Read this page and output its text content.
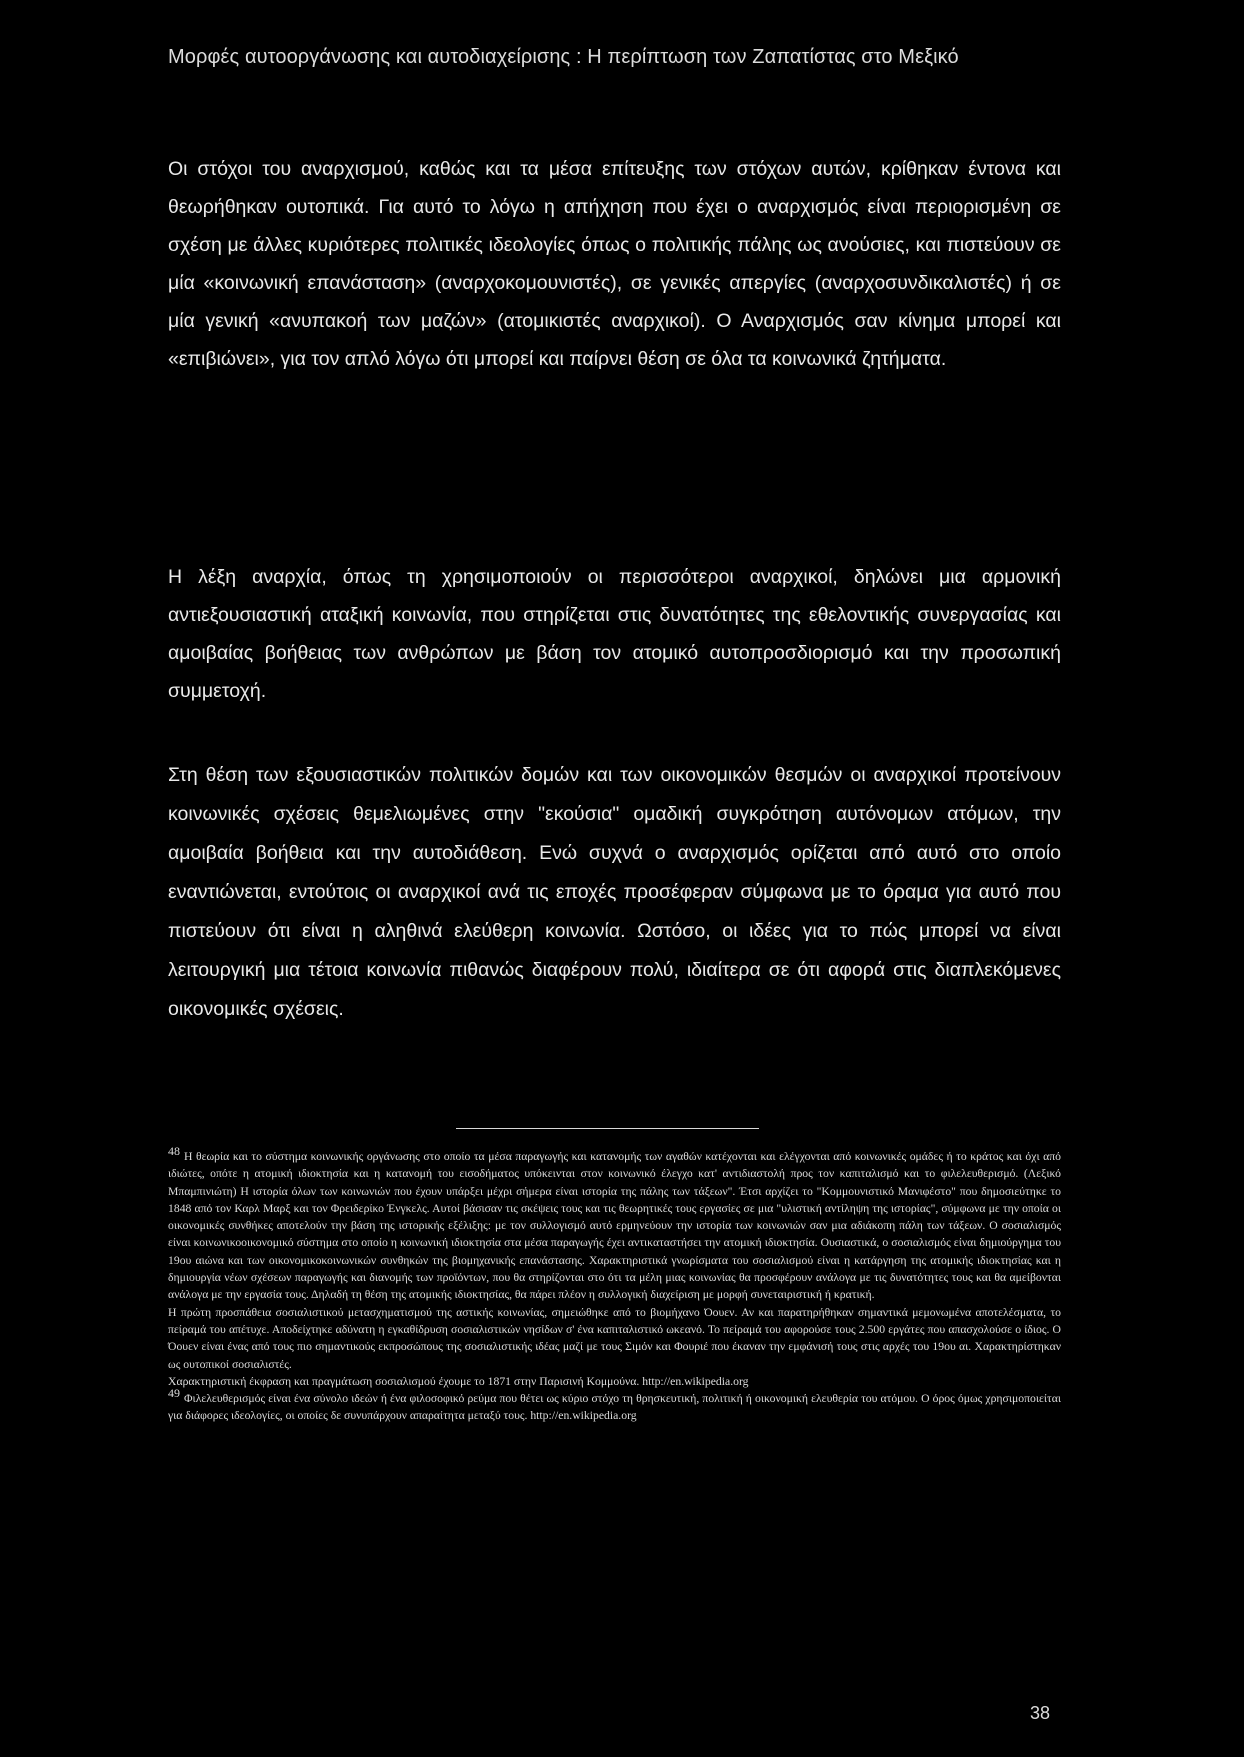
Μορφές αυτοοργάνωσης και αυτοδιαχείρισης : Η περίπτωση των Ζαπατίστας στο Μεξικό

Οι στόχοι του αναρχισμού, καθώς και τα μέσα επίτευξης των στόχων αυτών, κρίθηκαν έντονα και θεωρήθηκαν ουτοπικά. Για αυτό το λόγω η απήχηση που έχει ο αναρχισμός είναι περιορισμένη σε σχέση με άλλες κυριότερες πολιτικές ιδεολογίες όπως ο πολιτικής πάλης ως ανούσιες, και πιστεύουν σε μία «κοινωνική επανάσταση» (αναρχοκομουνιστές), σε γενικές απεργίες (αναρχοσυνδικαλιστές) ή σε μία γενική «ανυπακοή των μαζών» (ατομικιστές αναρχικοί). Ο Αναρχισμός σαν κίνημα μπορεί και «επιβιώνει», για τον απλό λόγω ότι μπορεί και παίρνει θέση σε όλα τα κοινωνικά ζητήματα.

Η λέξη αναρχία, όπως τη χρησιμοποιούν οι περισσότεροι αναρχικοί, δηλώνει μια αρμονική αντιεξουσιαστική αταξική κοινωνία, που στηρίζεται στις δυνατότητες της εθελοντικής συνεργασίας και αμοιβαίας βοήθειας των ανθρώπων με βάση τον ατομικό αυτοπροσδιορισμό και την προσωπική συμμετοχή.

Στη θέση των εξουσιαστικών πολιτικών δομών και των οικονομικών θεσμών οι αναρχικοί προτείνουν κοινωνικές σχέσεις θεμελιωμένες στην "εκούσια" ομαδική συγκρότηση αυτόνομων ατόμων, την αμοιβαία βοήθεια και την αυτοδιάθεση. Ενώ συχνά ο αναρχισμός ορίζεται από αυτό στο οποίο εναντιώνεται, εντούτοις οι αναρχικοί ανά τις εποχές προσέφεραν σύμφωνα με το όραμα για αυτό που πιστεύουν ότι είναι η αληθινά ελεύθερη κοινωνία. Ωστόσο, οι ιδέες για το πώς μπορεί να είναι λειτουργική μια τέτοια κοινωνία πιθανώς διαφέρουν πολύ, ιδιαίτερα σε ότι αφορά στις διαπλεκόμενες οικονομικές σχέσεις.

48 Η θεωρία και το σύστημα κοινωνικής οργάνωσης στο οποίο τα μέσα παραγωγής και κατανομής των αγαθών κατέχονται και ελέγχονται από κοινωνικές ομάδες ή το κράτος και όχι από ιδιώτες, οπότε η ατομική ιδιοκτησία και η κατανομή του εισοδήματος υπόκεινται στον κοινωνικό έλεγχο κατ' αντιδιαστολή προς τον καπιταλισμό και το φιλελευθερισμό. (Λεξικό Μπαμπινιώτη) Η ιστορία όλων των κοινωνιών που έχουν υπάρξει μέχρι σήμερα είναι ιστορία της πάλης των τάξεων". Έτσι αρχίζει το "Κομμουνιστικό Μανιφέστο" που δημοσιεύτηκε το 1848 από τον Καρλ Μαρξ και τον Φρειδερίκο Ένγκελς. Αυτοί βάσισαν τις σκέψεις τους και τις θεωρητικές τους εργασίες σε μια "υλιστική αντίληψη της ιστορίας", σύμφωνα με την οποία οι οικονομικές συνθήκες αποτελούν την βάση της ιστορικής εξέλιξης: με τον συλλογισμό αυτό ερμηνεύουν την ιστορία των κοινωνιών σαν μια αδιάκοπη πάλη των τάξεων. Ο σοσιαλισμός είναι κοινωνικοοικονομικό σύστημα στο οποίο η κοινωνική ιδιοκτησία στα μέσα παραγωγής έχει αντικαταστήσει την ατομική ιδιοκτησία. Ουσιαστικά, ο σοσιαλισμός είναι δημιούργημα του 19ου αιώνα και των οικονομικοκοινωνικών συνθηκών της βιομηχανικής επανάστασης. Χαρακτηριστικά γνωρίσματα του σοσιαλισμού είναι η κατάργηση της ατομικής ιδιοκτησίας και η δημιουργία νέων σχέσεων παραγωγής και διανομής των προϊόντων, που θα στηρίζονται στο ότι τα μέλη μιας κοινωνίας θα προσφέρουν ανάλογα με τις δυνατότητες τους και θα αμείβονται ανάλογα με την εργασία τους. Δηλαδή τη θέση της ατομικής ιδιοκτησίας, θα πάρει πλέον η συλλογική διαχείριση με μορφή συνεταιριστική ή κρατική.

Η πρώτη προσπάθεια σοσιαλιστικού μετασχηματισμού της αστικής κοινωνίας, σημειώθηκε από το βιομήχανο Όουεν. Αν και παρατηρήθηκαν σημαντικά μεμονωμένα αποτελέσματα, το πείραμά του απέτυχε. Αποδείχτηκε αδύνατη η εγκαθίδρυση σοσιαλιστικών νησίδων σ' ένα καπιταλιστικό ωκεανό. Το πείραμά του αφορούσε τους 2.500 εργάτες που απασχολούσε ο ίδιος. Ο Όουεν είναι ένας από τους πιο σημαντικούς εκπροσώπους της σοσιαλιστικής ιδέας μαζί με τους Σιμόν και Φουριέ που έκαναν την εμφάνισή τους στις αρχές του 19ου αι. Χαρακτηρίστηκαν ως ουτοπικοί σοσιαλιστές.

Χαρακτηριστική έκφραση και πραγμάτωση σοσιαλισμού έχουμε το 1871 στην Παρισινή Κομμούνα. http://en.wikipedia.org

49 Φιλελευθερισμός είναι ένα σύνολο ιδεών ή ένα φιλοσοφικό ρεύμα που θέτει ως κύριο στόχο τη θρησκευτική, πολιτική ή οικονομική ελευθερία του ατόμου. Ο όρος όμως χρησιμοποιείται για διάφορες ιδεολογίες, οι οποίες δε συνυπάρχουν απαραίτητα μεταξύ τους. http://en.wikipedia.org

38
